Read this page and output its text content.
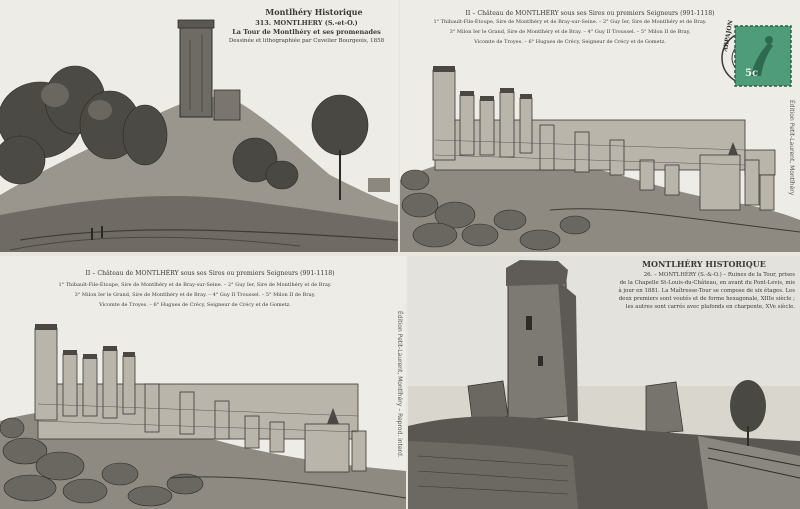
Montlhéry Historique
313. MONTLHERY (S.-et-O.)
La Tour de Montlhéry et ses promenades
Dessinée et lithographiée par Cuvelier Bourgeois, 1858
II – Château de MONTLHÉRY sous ses Sires ou premiers Seigneurs (991-1118)
1° Thibault-File-Étoupe, Sire de Montlhéry et de Bray-sur-Seine. – 2° Guy Ier, Sire de Montlhéry et de Bray.
3° Milon Ier le Grand, Sire de Montlhéry et de Bray. – 4° Guy II Troussel. – 5° Milon II de Bray,
Vicomte de Troyes. – 6° Hugues de Crécy, Seigneur de Crécy et de Gometz.	ARPAJON
5c
Édition Petit-Laurent, Montlhéry
II – Château de MONTLHÉRY sous ses Sires ou premiers Seigneurs (991-1118)
1° Thibault-File-Étoupe, Sire de Montlhéry et de Bray-sur-Seine. – 2° Guy Ier, Sire de Montlhéry et de Bray.
3° Milon Ier le Grand, Sire de Montlhéry et de Bray. – 4° Guy II Troussel. – 5° Milon II de Bray,
Vicomte de Troyes. – 6° Hugues de Crécy, Seigneur de Crécy et de Gometz.
Édition Petit-Laurent, Montlhéry – Reprod. interd.
MONTLHÉRY HISTORIQUE
26. – MONTLHÉRY (S.-&-O.) – Ruines de la Tour, prises
de la Chapelle St-Louis-du-Château, en avant du Pont-Levis, mis
à jour en 1881. La Maîtresse-Tour se compose de six étages. Les
deux premiers sont voutés et de forme hexagonale, XIIIe siècle ;
les autres sont carrés avec plafonds en charpente, XVe siècle.
